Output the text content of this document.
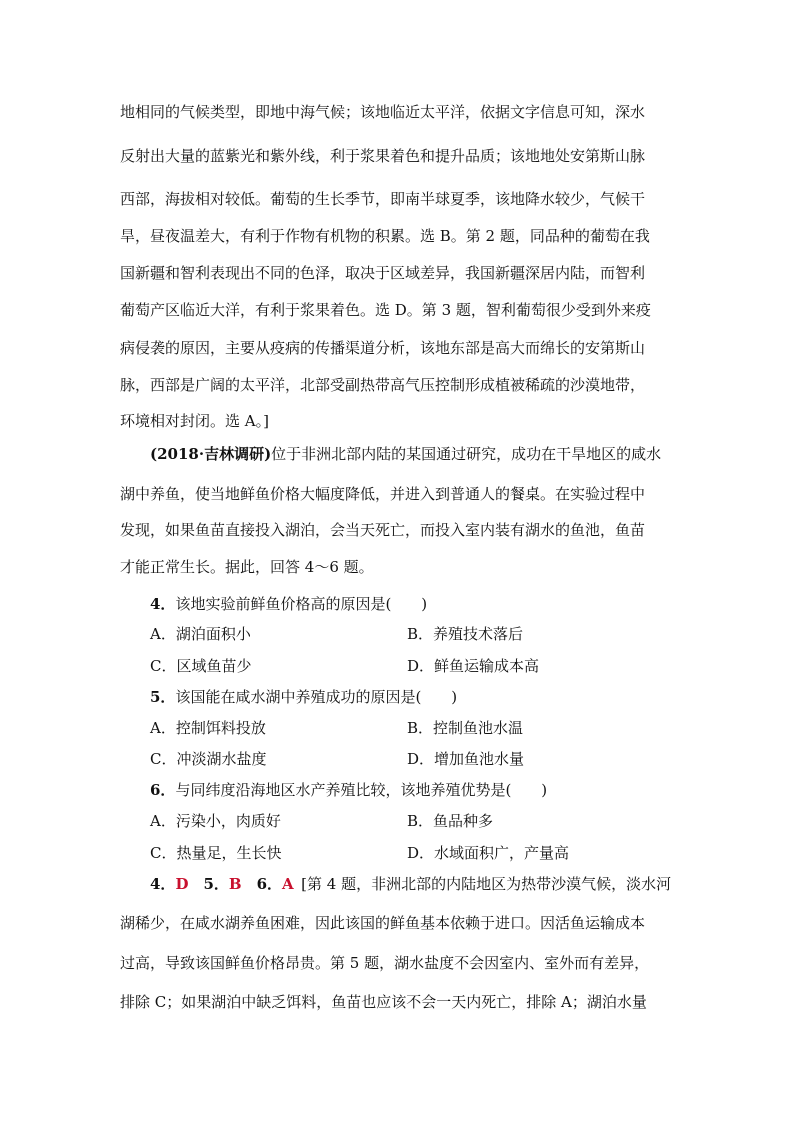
地相同的气候类型，即地中海气候；该地临近太平洋，依据文字信息可知，深水
反射出大量的蓝紫光和紫外线，利于浆果着色和提升品质；该地地处安第斯山脉
西部，海拔相对较低。葡萄的生长季节，即南半球夏季，该地降水较少，气候干
旱，昼夜温差大，有利于作物有机物的积累。选 B。第 2 题，同品种的葡萄在我
国新疆和智利表现出不同的色泽，取决于区域差异，我国新疆深居内陆，而智利
葡萄产区临近大洋，有利于浆果着色。选 D。第 3 题，智利葡萄很少受到外来疫
病侵袭的原因，主要从疫病的传播渠道分析，该地东部是高大而绵长的安第斯山
脉，西部是广阔的太平洋，北部受副热带高气压控制形成植被稀疏的沙漠地带，
环境相对封闭。选 A。]
(2018·吉林调研)位于非洲北部内陆的某国通过研究，成功在干旱地区的咸水
湖中养鱼，使当地鲜鱼价格大幅度降低，并进入到普通人的餐桌。在实验过程中
发现，如果鱼苗直接投入湖泊，会当天死亡，而投入室内装有湖水的鱼池，鱼苗
才能正常生长。据此，回答 4～6 题。
4．该地实验前鲜鱼价格高的原因是(　　)
A．湖泊面积小	B．养殖技术落后
C．区域鱼苗少	D．鲜鱼运输成本高
5．该国能在咸水湖中养殖成功的原因是(　　)
A．控制饵料投放	B．控制鱼池水温
C．冲淡湖水盐度	D．增加鱼池水量
6．与同纬度沿海地区水产养殖比较，该地养殖优势是(　　)
A．污染小，肉质好	B．鱼品种多
C．热量足，生长快	D．水域面积广，产量高
4．D  5．B  6．A  [第 4 题，非洲北部的内陆地区为热带沙漠气候，淡水河
湖稀少，在咸水湖养鱼困难，因此该国的鲜鱼基本依赖于进口。因活鱼运输成本
过高，导致该国鲜鱼价格昂贵。第 5 题，湖水盐度不会因室内、室外而有差异，
排除 C；如果湖泊中缺乏饵料，鱼苗也应该不会一天内死亡，排除 A；湖泊水量
